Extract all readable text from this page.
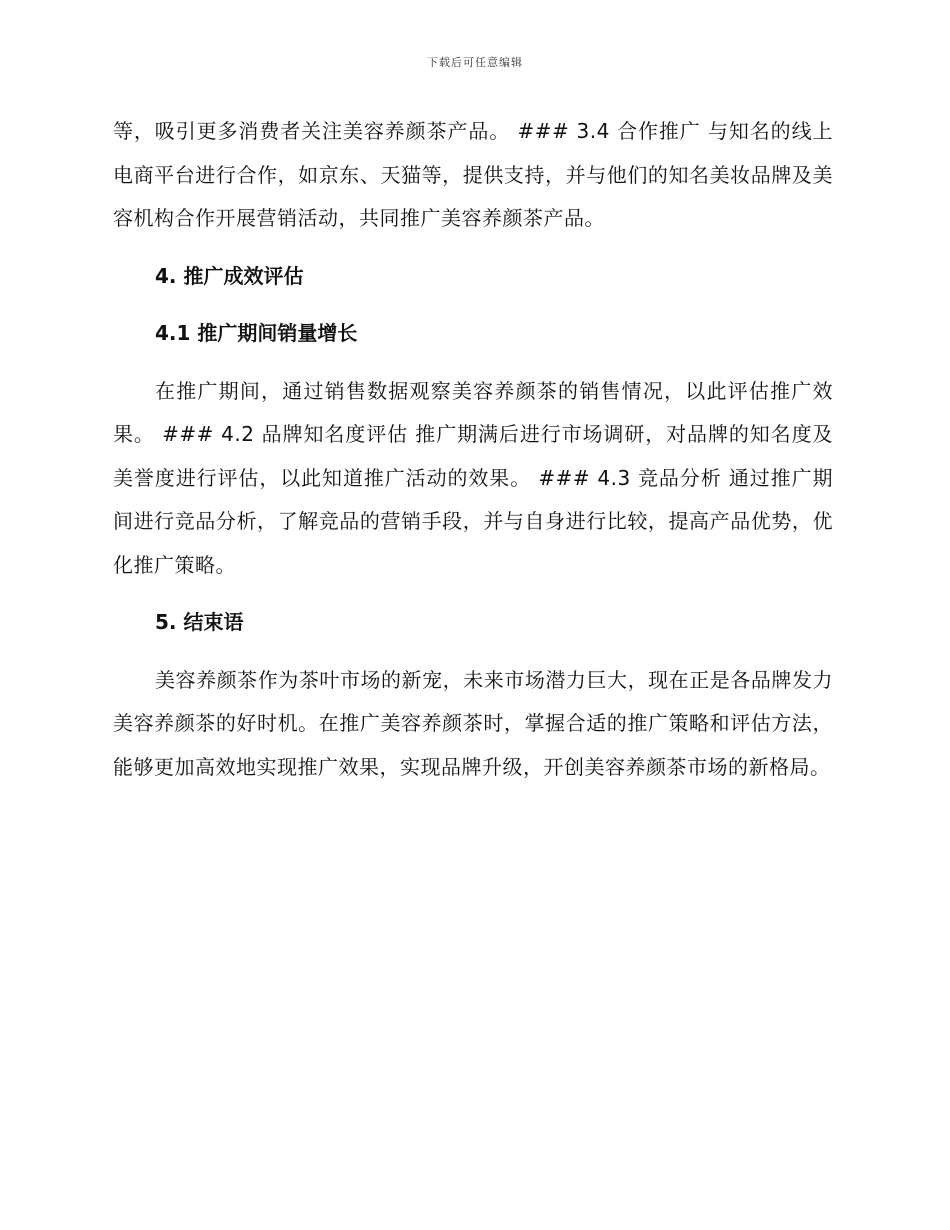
下载后可任意编辑

等，吸引更多消费者关注美容养颜茶产品。 ### 3.4 合作推广 与知名的线上电商平台进行合作，如京东、天猫等，提供支持，并与他们的知名美妆品牌及美容机构合作开展营销活动，共同推广美容养颜茶产品。

4. 推广成效评估
4.1 推广期间销量增长

在推广期间，通过销售数据观察美容养颜茶的销售情况，以此评估推广效果。 ### 4.2 品牌知名度评估 推广期满后进行市场调研，对品牌的知名度及美誉度进行评估，以此知道推广活动的效果。 ### 4.3 竞品分析 通过推广期间进行竞品分析，了解竞品的营销手段，并与自身进行比较，提高产品优势，优化推广策略。

5. 结束语

美容养颜茶作为茶叶市场的新宠，未来市场潜力巨大，现在正是各品牌发力美容养颜茶的好时机。在推广美容养颜茶时，掌握合适的推广策略和评估方法，能够更加高效地实现推广效果，实现品牌升级，开创美容养颜茶市场的新格局。
